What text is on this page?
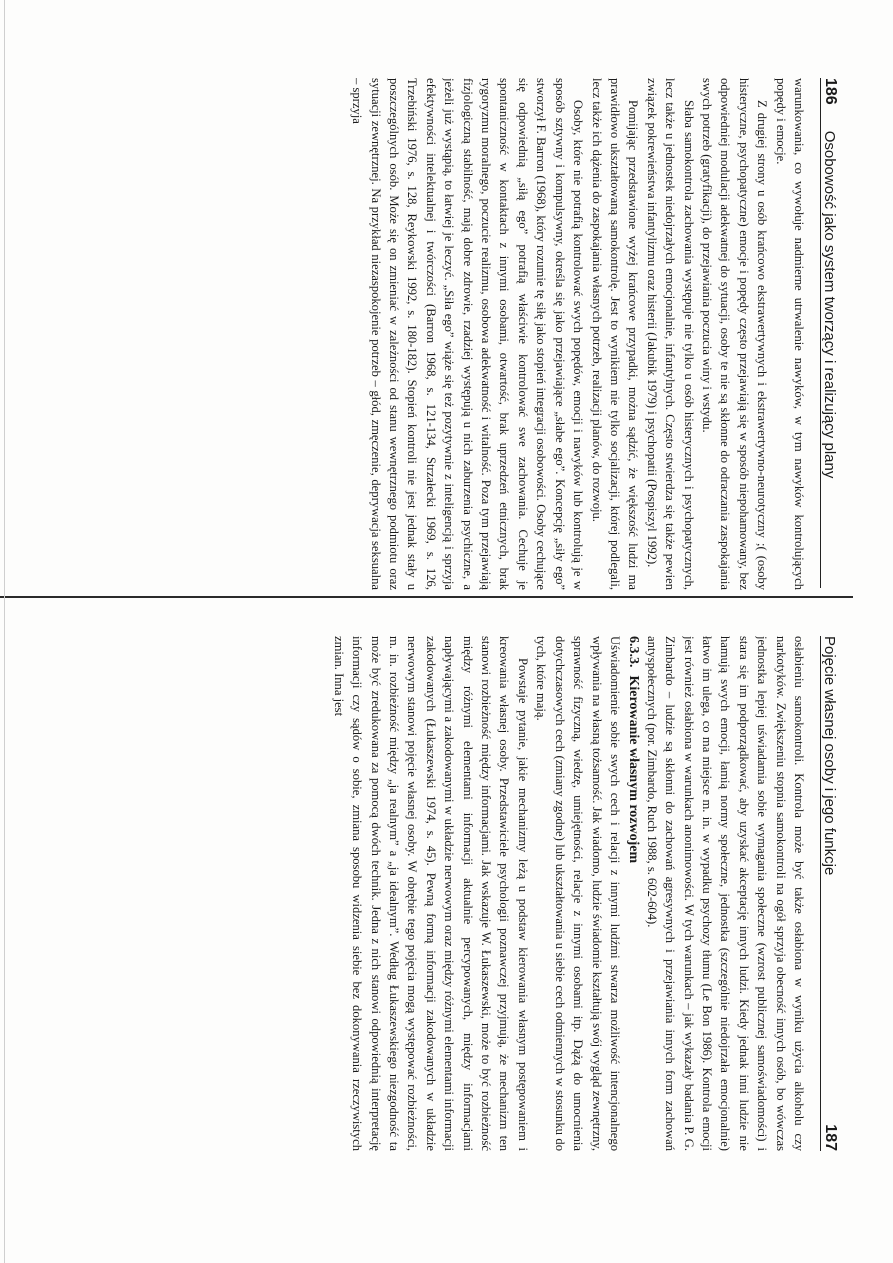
186
Osobowość jako system tworzący i realizujący plany

warunkowania, co wywołuje nadmierne utrwalenie nawyków, w tym nawyków kontrolujących popędy i emocje.

Z drugiej strony u osób krańcowo ekstrawertywnych i ekstrawertywno-neurotyczny ;( (osoby histeryczne, psychopatyczne) emocje i popędy często przejawiają się w sposób niepohamowany, bez odpowiedniej modulacji adekwatnej do sytuacji, osoby te nie są skłonne do odraczania zaspokajania swych potrzeb (gratyfikacji), do przejawiania poczucia winy i wstydu.

Słaba samokontrola zachowania występuje nie tylko u osób histerycznych i psychopatycznych, lecz także u jednostek niedojrzałych emocjonalnie, infantylnych. Często stwierdza się także pewien związek pokrewieństwa infantylizmu oraz histerii (Jakubik 1979) i psychopatii (Pospiszyl 1992).

Pomijając przedstawione wyżej krańcowe przypadki, można sądzić, że większość ludzi ma prawidłowo ukształtowaną samokontrolę. Jest to wynikiem nie tylko socjalizacji, której podlegali, lecz także ich dążenia do zaspokajania własnych potrzeb, realizacji planów, do rozwoju.

Osoby, które nie potrafią kontrolować swych popędów, emocji i nawyków lub kontrolują je w sposób sztywny i kompulsywny, określa się jako przejawiające „słabe ego”. Koncepcję „siły ego” stworzył F. Barron (1968), który rozumie tę siłę jako stopień integracji osobowości. Osoby cechujące się odpowiednią „siłą ego” potrafią właściwie kontrolować swe zachowania. Cechuje je spontaniczność w kontaktach z innymi osobami, otwartość, brak uprzedzeń etnicznych, brak rygoryzmu moralnego, poczucie realizmu, osobowa adekwatność i witalność. Poza tym przejawiają fizjologiczną stabilność, mają dobre zdrowie, rzadziej występują u nich zaburzenia psychiczne, a jeżeli już wystąpią, to łatwiej je leczyć. „Siła ego” wiąże się też pozytywnie z inteligencją i sprzyja efektywności intelektualnej i twórczości (Barron 1968, s. 121-134, Strzałecki 1969, s. 126, Trzebiński 1976, s. 128, Reykowski 1992, s. 180-182). Stopień kontroli nie jest jednak stały u poszczególnych osób. Może się on zmieniać w zależności od stanu wewnętrznego podmiotu oraz sytuacji zewnętrznej. Na przykład niezaspokojenie potrzeb – głód, zmęczenie, deprywacja seksualna – sprzyja

Pojęcie własnej osoby i jego funkcje
187

osłabieniu samokontroli. Kontrola może być także osłabiona w wyniku użycia alkoholu czy narkotyków. Zwiększeniu stopnia samokontroli na ogół sprzyja obecność innych osób, bo wówczas jednostka lepiej uświadamia sobie wymagania społeczne (wzrost publicznej samoświadomości) i stara się im podporządkować, aby uzyskać akceptację innych ludzi. Kiedy jednak inni ludzie nie hamują swych emocji, łamią normy społeczne, jednostka (szczególnie niedojrzała emocjonalnie) łatwo im ulega, co ma miejsce m. in. w wypadku psychozy tłumu (Le Bon 1986). Kontrola emocji jest również osłabiona w warunkach anonimowości. W tych warunkach – jak wykazały badania P. G. Zimbardo – ludzie są skłonni do zachowań agresywnych i przejawiania innych form zachowań antyspołecznych (por. Zimbardo, Ruch 1988, s. 602-604).

6.3.3.Kierowanie własnym rozwojem

Uświadomienie sobie swych cech i relacji z innymi ludźmi stwarza możliwość intencjonalnego wpływania na własną tożsamość. Jak wiadomo, ludzie świadomie kształtują swój wygląd zewnętrzny, sprawność fizyczną, wiedzę, umiejętności, relacje z innymi osobami itp. Dążą do umocnienia dotychczasowych cech (zmiany zgodne) lub ukształtowania u siebie cech odmiennych w stosunku do tych, które mają.

Powstaje pytanie, jakie mechanizmy leżą u podstaw kierowania własnym postępowaniem i kreowania własnej osoby. Przedstawiciele psychologii poznawczej przyjmują, że mechanizm ten stanowi rozbieżność między informacjami. Jak wskazuje W. Łukaszewski, może to być rozbieżność między różnymi elementami informacji aktualnie percypowanych, między informacjami napływającymi a zakodowanymi w układzie nerwowym oraz między różnymi elementami informacji zakodowanych (Łukaszewski 1974, s. 45). Pewną formą informacji zakodowanych w układzie nerwowym stanowi pojęcie własnej osoby. W obrębie tego pojęcia mogą występować rozbieżności, m. in. rozbieżność między „ja realnym” a „ja idealnym”. Według Łukaszewskiego niezgodność ta może być zredukowana za pomocą dwóch technik. Jedna z nich stanowi odpowiednią interpretację informacji czy sądów o sobie, zmiana sposobu widzenia siebie bez dokonywania rzeczywistych zmian. Inna jest
